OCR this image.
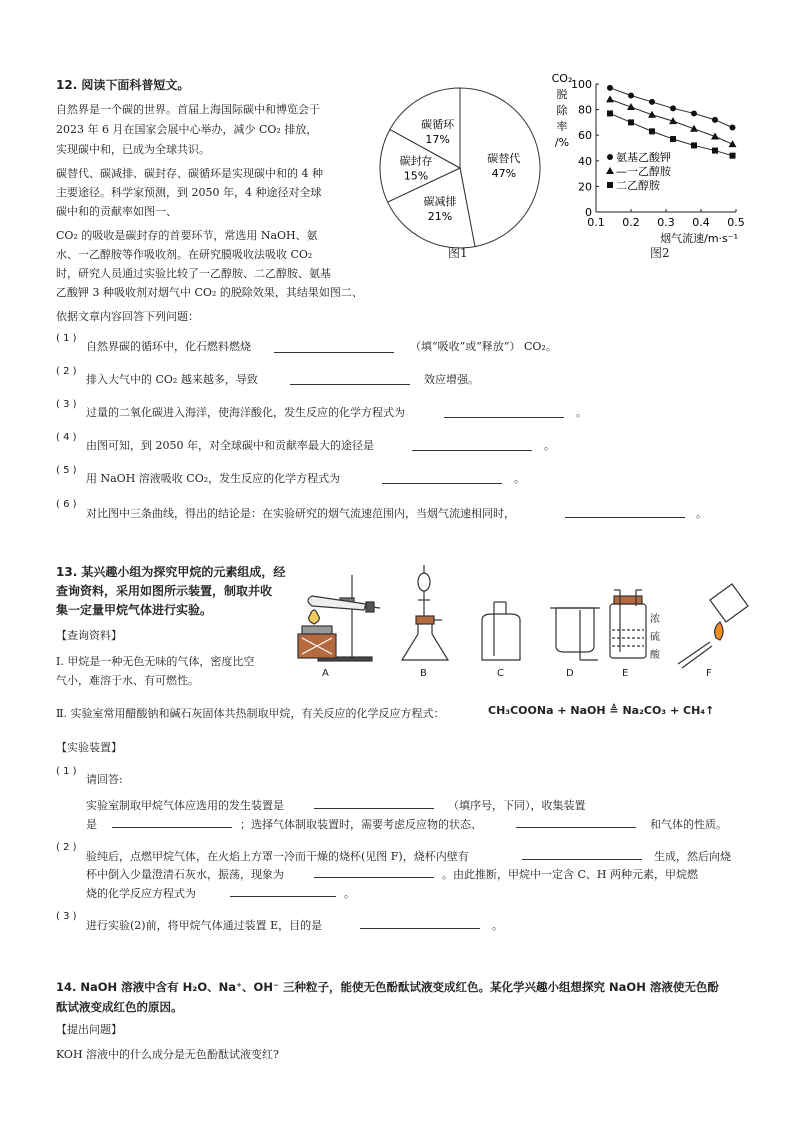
12. 阅读下面科普短文。
自然界是一个碳的世界。首届上海国际碳中和博览会于
2023 年 6 月在国家会展中心举办，减少 CO₂ 排放，
实现碳中和，已成为全球共识。
碳替代、碳减排、碳封存、碳循环是实现碳中和的 4 种
主要途径。科学家预测，到 2050 年，4 种途径对全球
碳中和的贡献率如图一、
CO₂ 的吸收是碳封存的首要环节，常选用 NaOH、氨
水、一乙醇胺等作吸收剂。在研究膜吸收法吸收 CO₂
时，研究人员通过实验比较了一乙醇胺、二乙醇胺、氨基
乙酸钾 3 种吸收剂对烟气中 CO₂ 的脱除效果，其结果如图二、
依据文章内容回答下列问题：
碳替代
47%
碳减排
21%
碳封存
15%
碳循环
17%
图1
0
20
40
60
80
100
0.1 0.2 0.3 0.4 0.5
CO₂
脱
除
率
/%
烟气流速/m·s⁻¹
氨基乙酸钾
—一乙醇胺
二乙醇胺
图2
( 1 )
自然界碳的循环中，化石燃料燃烧	（填“吸收”或“释放”） CO₂。
( 2 )
排入大气中的 CO₂ 越来越多，导致	效应增强。
( 3 )
过量的二氧化碳进入海洋，使海洋酸化，发生反应的化学方程式为	。
( 4 )
由图可知，到 2050 年，对全球碳中和贡献率最大的途径是	。
( 5 )
用 NaOH 溶液吸收 CO₂，发生反应的化学方程式为	。
( 6 )
对比图中三条曲线，得出的结论是：在实验研究的烟气流速范围内，当烟气流速相同时，	。
13. 某兴趣小组为探究甲烷的元素组成，经
查询资料，采用如图所示装置，制取并收
集一定量甲烷气体进行实验。
【查询资料】
Ⅰ. 甲烷是一种无色无味的气体，密度比空
气小，难溶于水、有可燃性。
A	B	C	D	E	F
浓
硫
酸
Ⅱ. 实验室常用醋酸钠和碱石灰固体共热制取甲烷，有关反应的化学反应方程式：	CH₃COONa + NaOH ≜ Na₂CO₃ + CH₄↑
【实验装置】
( 1 )
请回答:
实验室制取甲烷气体应选用的发生装置是	（填序号，下同），收集装置
是	；选择气体制取装置时，需要考虑反应物的状态、	和气体的性质。
( 2 )
验纯后，点燃甲烷气体，在火焰上方罩一冷而干燥的烧杯(见图 F)，烧杯内壁有	生成，然后向烧
杯中倒入少量澄清石灰水，振荡，现象为	。由此推断，甲烷中一定含 C、H 两种元素，甲烷燃
烧的化学反应方程式为	。
( 3 )
进行实验(2)前，将甲烷气体通过装置 E，目的是	。
14. NaOH 溶液中含有 H₂O、Na⁺、OH⁻ 三种粒子，能使无色酚酞试液变成红色。某化学兴趣小组想探究 NaOH 溶液使无色酚
酞试液变成红色的原因。
【提出问题】
KOH 溶液中的什么成分是无色酚酞试液变红?
